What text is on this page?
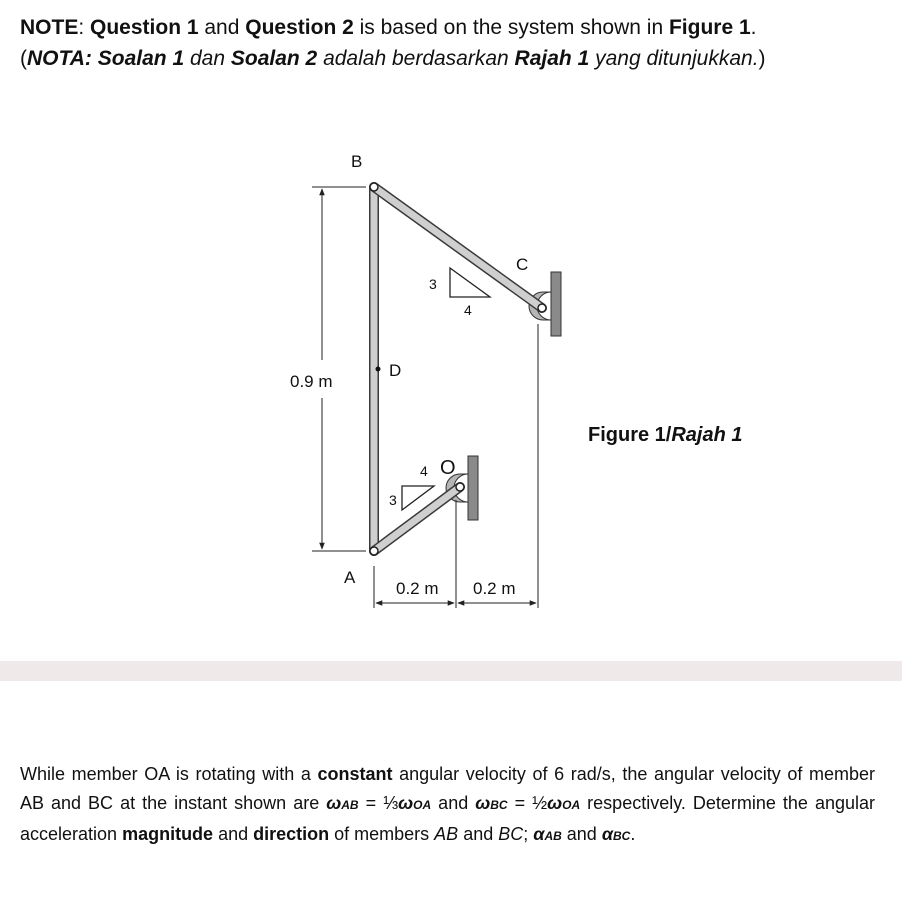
NOTE: Question 1 and Question 2 is based on the system shown in Figure 1.
(NOTA: Soalan 1 dan Soalan 2 adalah berdasarkan Rajah 1 yang ditunjukkan.)
B
C
D
A
3
4
4
3
0.9 m
0.2 m 0.2 m
O
Figure 1/Rajah 1
While member OA is rotating with a constant angular velocity of 6 rad/s, the angular velocity of member AB and BC at the instant shown are ωAB = ⅓ωOA and ωBC = ½ωOA respectively. Determine the angular acceleration magnitude and direction of members AB and BC; αAB and αBC.
